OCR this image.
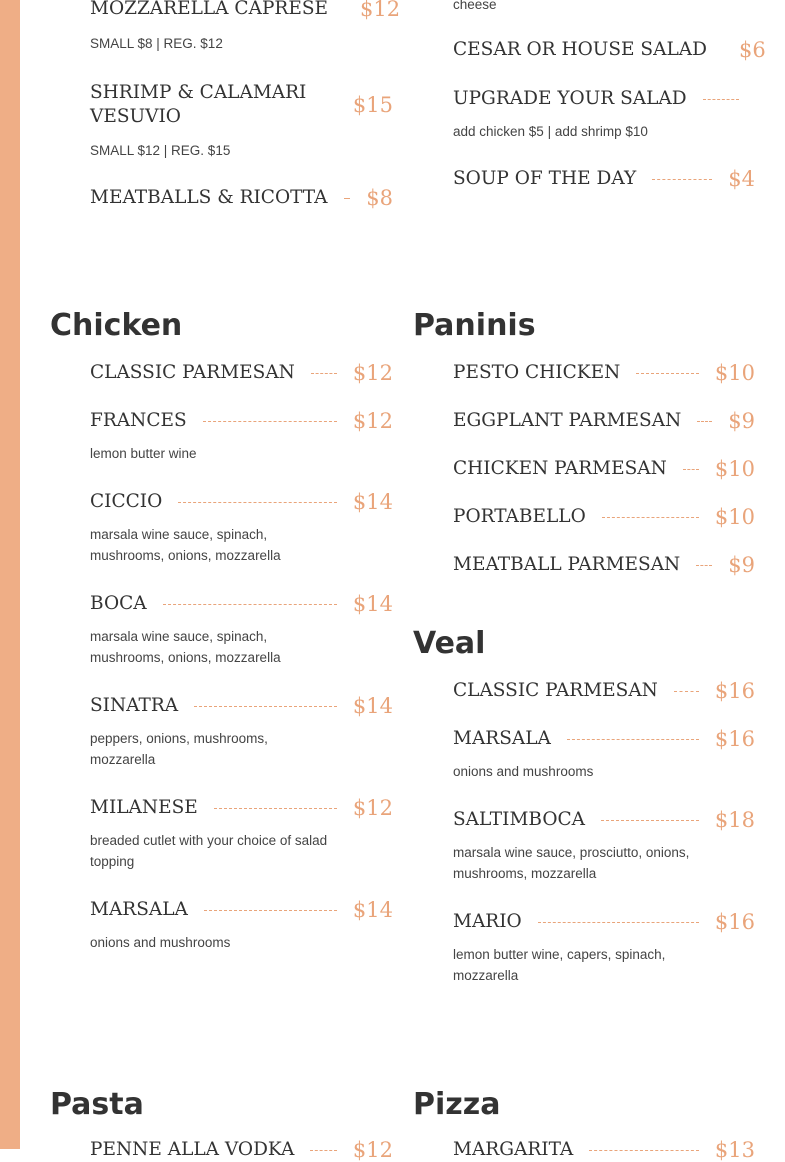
MOZZARELLA CAPRESE $12
SMALL $8 | REG. $12
SHRIMP & CALAMARI VESUVIO	$15
SMALL $12 | REG. $15
MEATBALLS & RICOTTA $8
cheese
CESAR OR HOUSE SALAD $6
UPGRADE YOUR SALAD
add chicken $5 | add shrimp $10
SOUP OF THE DAY	$4
Chicken
CLASSIC PARMESAN	$12
FRANCES	$12
lemon butter wine
CICCIO	$14
marsala wine sauce, spinach, mushrooms, onions, mozzarella
BOCA	$14
marsala wine sauce, spinach, mushrooms, onions, mozzarella
SINATRA	$14
peppers, onions, mushrooms, mozzarella
MILANESE	$12
breaded cutlet with your choice of salad topping
MARSALA	$14
onions and mushrooms
Paninis
PESTO CHICKEN	$10
EGGPLANT PARMESAN $9
CHICKEN PARMESAN $10
PORTABELLO	$10
MEATBALL PARMESAN $9
Veal
CLASSIC PARMESAN	$16
MARSALA	$16
onions and mushrooms
SALTIMBOCA	$18
marsala wine sauce, prosciutto, onions, mushrooms, mozzarella
MARIO	$16
lemon butter wine, capers, spinach, mozzarella
Pasta
PENNE ALLA VODKA	$12
Pizza
MARGARITA	$13
